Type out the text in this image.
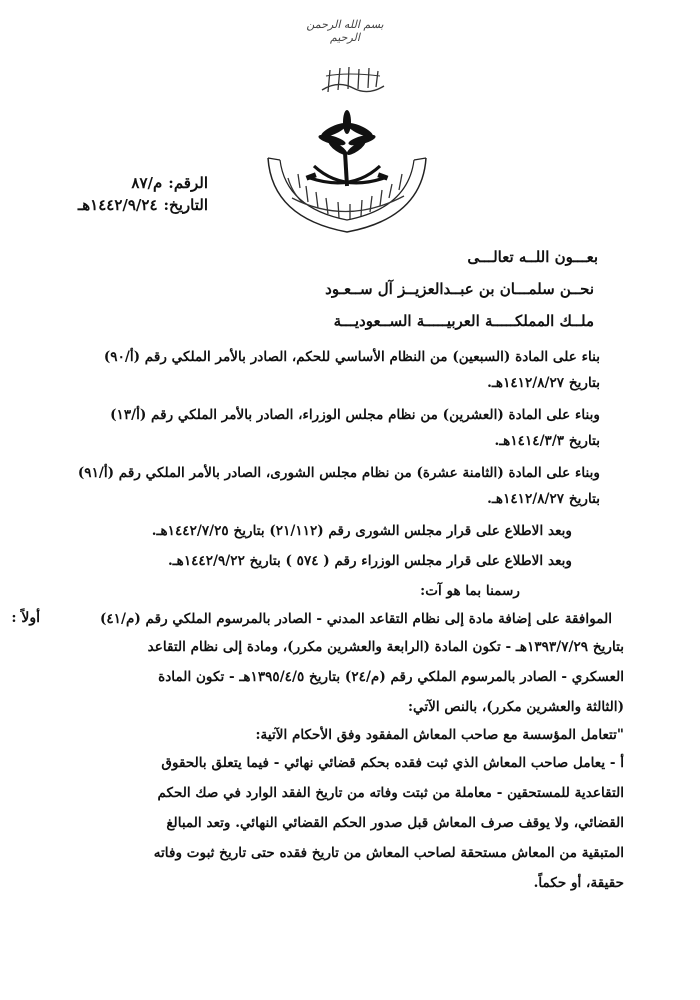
بسم الله الرحمن الرحيم
الرقم:م/٨٧
التاريخ:١٤٤٢/٩/٢٤هـ
بعـــون اللــه تعالـــى
نحــن سلمـــان بن عبــدالعزيــز آل ســعـود
ملــك المملكـــــة العربيـــــة الســعوديـــة
بناء على المادة (السبعين) من النظام الأساسي للحكم، الصادر بالأمر الملكي رقم (أ/٩٠)
بتاريخ ١٤١٢/٨/٢٧هـ.
وبناء على المادة (العشرين) من نظام مجلس الوزراء، الصادر بالأمر الملكي رقم (أ/١٣)
بتاريخ ١٤١٤/٣/٣هـ.
وبناء على المادة (الثامنة عشرة) من نظام مجلس الشورى، الصادر بالأمر الملكي رقم (أ/٩١)
بتاريخ ١٤١٢/٨/٢٧هـ.
وبعد الاطلاع على قرار مجلس الشورى رقم (٢١/١١٢) بتاريخ ١٤٤٢/٧/٢٥هـ.
وبعد الاطلاع على قرار مجلس الوزراء رقم ( ٥٧٤ ) بتاريخ ١٤٤٢/٩/٢٢هـ.
رسمنا بما هو آت:
أولاً :	الموافقة على إضافة مادة إلى نظام التقاعد المدني - الصادر بالمرسوم الملكي رقم (م/٤١)
بتاريخ ١٣٩٣/٧/٢٩هـ - تكون المادة (الرابعة والعشرين مكرر)، ومادة إلى نظام التقاعد
العسكري - الصادر بالمرسوم الملكي رقم (م/٢٤) بتاريخ ١٣٩٥/٤/٥هـ - تكون المادة
(الثالثة والعشرين مكرر)، بالنص الآتي:
"تتعامل المؤسسة مع صاحب المعاش المفقود وفق الأحكام الآتية:
أ - يعامل صاحب المعاش الذي ثبت فقده بحكم قضائي نهائي - فيما يتعلق بالحقوق
التقاعدية للمستحقين - معاملة من ثبتت وفاته من تاريخ الفقد الوارد في صك الحكم
القضائي، ولا يوقف صرف المعاش قبل صدور الحكم القضائي النهائي. وتعد المبالغ
المتبقية من المعاش مستحقة لصاحب المعاش من تاريخ فقده حتى تاريخ ثبوت وفاته
حقيقة، أو حكماً.
